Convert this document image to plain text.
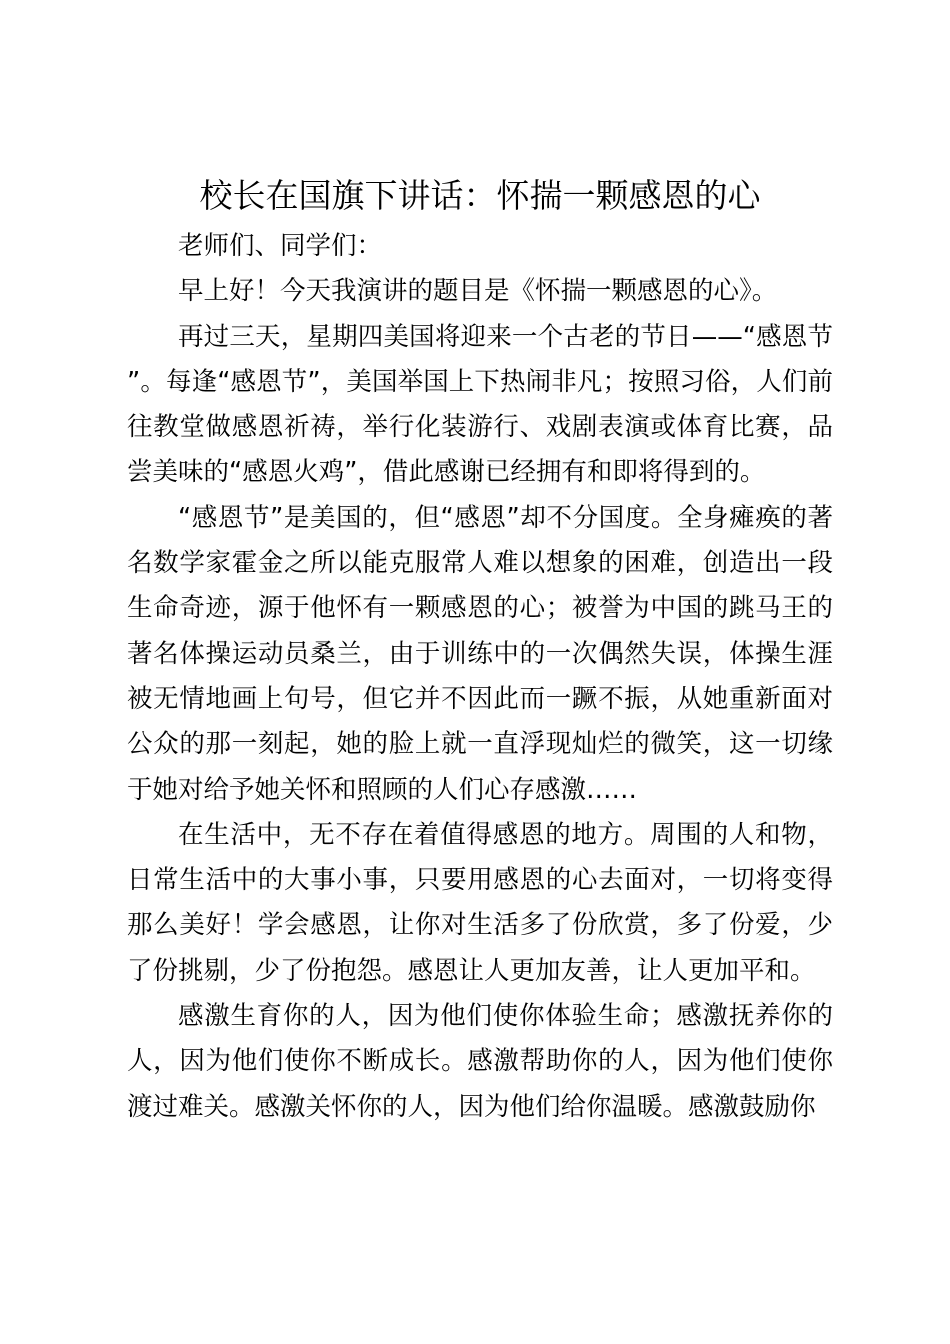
校长在国旗下讲话：怀揣一颗感恩的心

老师们、同学们：

早上好！今天我演讲的题目是《怀揣一颗感恩的心》。

再过三天，星期四美国将迎来一个古老的节日——“感恩节”。每逢“感恩节”，美国举国上下热闹非凡；按照习俗，人们前往教堂做感恩祈祷，举行化装游行、戏剧表演或体育比赛，品尝美味的“感恩火鸡”，借此感谢已经拥有和即将得到的。

“感恩节”是美国的，但“感恩”却不分国度。全身瘫痪的著名数学家霍金之所以能克服常人难以想象的困难，创造出一段生命奇迹，源于他怀有一颗感恩的心；被誉为中国的跳马王的著名体操运动员桑兰，由于训练中的一次偶然失误，体操生涯被无情地画上句号，但它并不因此而一蹶不振，从她重新面对公众的那一刻起，她的脸上就一直浮现灿烂的微笑，这一切缘于她对给予她关怀和照顾的人们心存感激……

在生活中，无不存在着值得感恩的地方。周围的人和物，日常生活中的大事小事，只要用感恩的心去面对，一切将变得那么美好！学会感恩，让你对生活多了份欣赏，多了份爱，少了份挑剔，少了份抱怨。感恩让人更加友善，让人更加平和。

感激生育你的人，因为他们使你体验生命；感激抚养你的人，因为他们使你不断成长。感激帮助你的人，因为他们使你渡过难关。感激关怀你的人，因为他们给你温暖。感激鼓励你
